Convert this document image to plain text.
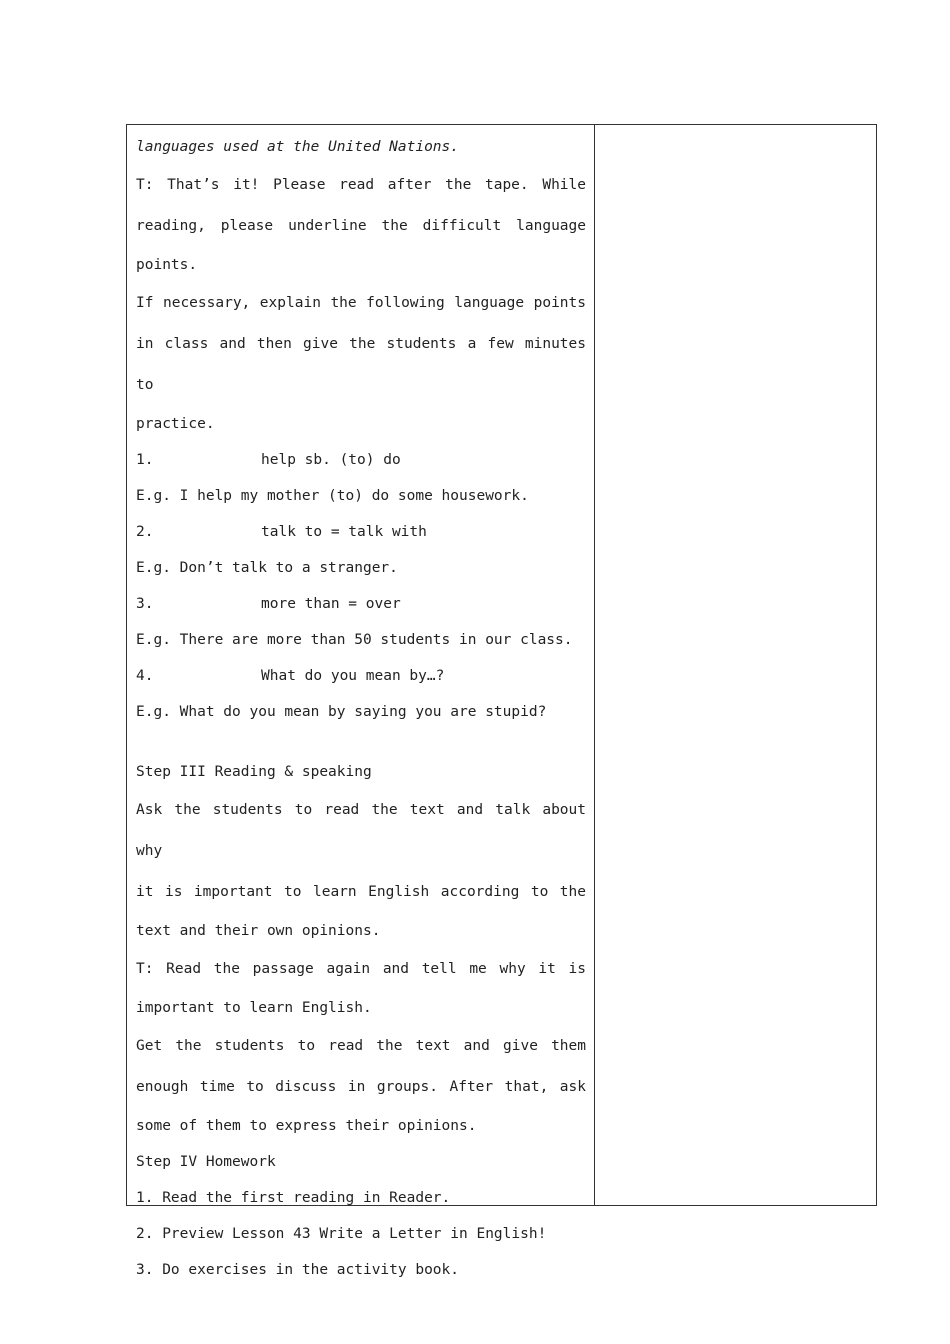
languages used at the United Nations.
T: That’s it! Please read after the tape. While
reading, please underline the difficult language
points.
If necessary, explain the following language points
in class and then give the students a few minutes to
practice.
1.	help sb. (to) do
E.g. I help my mother (to) do some housework.
2.	talk to = talk with
E.g. Don’t talk to a stranger.
3.	more than = over
E.g. There are more than 50 students in our class.
4.	What do you mean by…?
E.g. What do you mean by saying you are stupid?
Step III Reading & speaking
Ask the students to read the text and talk about why
it is important to learn English according to the
text and their own opinions.
T: Read the passage again and tell me why it is
important to learn English.
Get the students to read the text and give them
enough time to discuss in groups. After that, ask
some of them to express their opinions.
Step IV Homework
1. Read the first reading in Reader.
2. Preview Lesson 43 Write a Letter in English!
3. Do exercises in the activity book.
